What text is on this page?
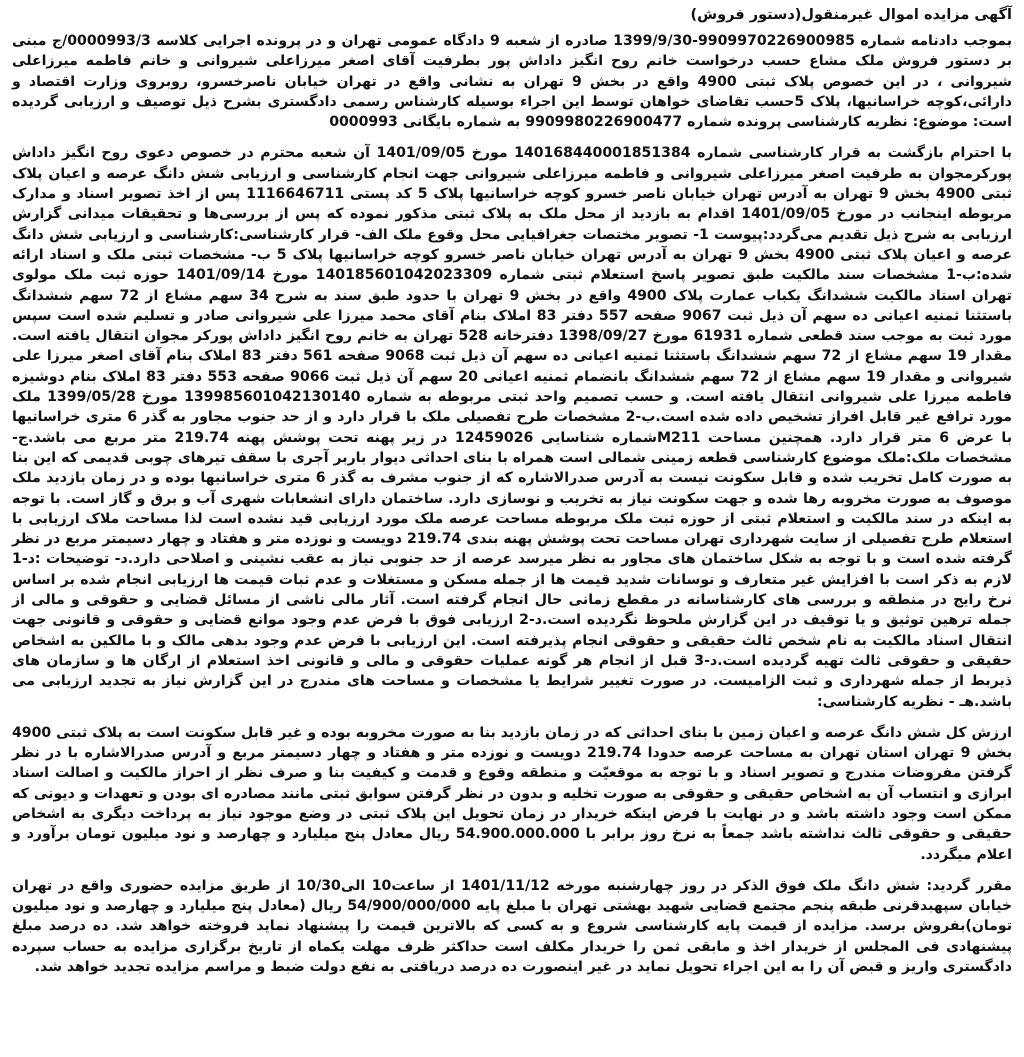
آگهی مزایده اموال غیرمنقول(دستور فروش)

بموجب دادنامه شماره 9909970226900985-1399/9/30 صادره از شعبه 9 دادگاه عمومی تهران و در پرونده اجرایی کلاسه 0000993/3/ج مبنی بر دستور فروش ملک مشاع حسب درخواست خانم روح انگیز داداش پور بطرفیت آقای اصغر میرزاعلی شیروانی و خانم فاطمه میرزاعلی شیروانی ، در این خصوص پلاک ثبتی 4900 واقع در بخش 9 تهران به نشانی واقع در تهران خیابان ناصرخسرو، روبروی وزارت اقتصاد و دارائی،کوچه خراسانیها، پلاک 5حسب تقاضای خواهان توسط این اجراء بوسیله کارشناس رسمی دادگستری بشرح ذیل توصیف و ارزیابی گردیده است: موضوع: نظریه کارشناسی پرونده شماره 9909980226900477 به شماره بایگانی 0000993

با احترام بازگشت به قرار کارشناسی شماره 140168440001851384 مورخ 1401/09/05 آن شعبه محترم در خصوص دعوی روح انگیز داداش پورکرمجوان به طرفیت اصغر میرزاعلی شیروانی و فاطمه میرزاعلی شیروانی جهت انجام کارشناسی و ارزیابی شش دانگ عرصه و اعیان پلاک ثبتی 4900 بخش 9 تهران به آدرس تهران خیابان ناصر خسرو کوچه خراسانیها پلاک 5 کد پستی 1116646711 پس از اخذ تصویر اسناد و مدارک مربوطه اینجانب در مورخ 1401/09/05 اقدام به بازدید از محل ملک به پلاک ثبتی مذکور نموده که پس از بررسی‌ها و تحقیقات میدانی گزارش ارزیابی به شرح ذیل تقدیم می‌گردد:پیوست 1- تصویر مختصات جغرافیایی محل وقوع ملک الف- قرار کارشناسی:کارشناسی و ارزیابی شش دانگ عرصه و اعیان پلاک ثبتی 4900 بخش 9 تهران به آدرس تهران خیابان ناصر خسرو کوچه خراسانیها پلاک 5 ب- مشخصات ثبتی ملک و اسناد ارائه شده:ب-1 مشخصات سند مالکیت طبق تصویر پاسخ استعلام ثبتی شماره 140185601042023309 مورخ 1401/09/14 حوزه ثبت ملک مولوی تهران اسناد مالکیت ششدانگ یکباب عمارت پلاک 4900 واقع در بخش 9 تهران با حدود طبق سند به شرح 34 سهم مشاع از 72 سهم ششدانگ باستثنا ثمنیه اعیانی ده سهم آن ذیل ثبت 9067 صفحه 557 دفتر 83 املاک بنام آقای محمد میرزا علی شیروانی صادر و تسلیم شده است سپس مورد ثبت به موجب سند قطعی شماره 61931 مورخ 1398/09/27 دفترخانه 528 تهران به خانم روح انگیز داداش پورکر مجوان انتقال یافته است. مقدار 19 سهم مشاع از 72 سهم ششدانگ باستثنا ثمنیه اعیانی ده سهم آن ذیل ثبت 9068 صفحه 561 دفتر 83 املاک بنام آقای اصغر میرزا علی شیروانی و مقدار 19 سهم مشاع از 72 سهم ششدانگ بانضمام ثمنیه اعیانی 20 سهم آن ذیل ثبت 9066 صفحه 553 دفتر 83 املاک بنام دوشیزه فاطمه میرزا علی شیروانی انتقال یافته است. و حسب تصمیم واحد ثبتی مربوطه به شماره 139985601042130140 مورخ 1399/05/28 ملک مورد ترافع غیر قابل افراز تشخیص داده شده است.ب-2 مشخصات طرح تفصیلی ملک با قرار دارد و از حد جنوب مجاور به گذر 6 متری خراسانیها با عرض 6 متر قرار دارد. همچنین مساحت M211شماره شناسایی 12459026 در زیر پهنه تحت پوشش پهنه 219.74 متر مربع می باشد.ج- مشخصات ملک:ملک موضوع کارشناسی قطعه زمینی شمالی است همراه با بنای احداثی دیوار باربر آجری با سقف تیرهای چوبی قدیمی که این بنا به صورت کامل تخریب شده و قابل سکونت نیست به آدرس صدرالاشاره که از جنوب مشرف به گذر 6 متری خراسانیها بوده و در زمان بازدید ملک موصوف به صورت مخروبه رها شده و جهت سکونت نیاز به تخریب و نوسازی دارد. ساختمان دارای انشعابات شهری آب و برق و گاز است. با توجه به اینکه در سند مالکیت و استعلام ثبتی از حوزه ثبت ملک مربوطه مساحت عرصه ملک مورد ارزیابی قید نشده است لذا مساحت ملاک ارزیابی با استعلام طرح تفصیلی از سایت شهرداری تهران مساحت تحت پوشش پهنه بندی 219.74 دویست و نوزده متر و هفتاد و چهار دسیمتر مربع در نظر گرفته شده است و با توجه به شکل ساختمان های مجاور به نظر میرسد عرصه از حد جنوبی نیاز به عقب نشینی و اصلاحی دارد.د- توضیحات :د-1 لازم به ذکر است با افزایش غیر متعارف و نوسانات شدید قیمت ها از جمله مسکن و مستغلات و عدم ثبات قیمت ها ارزیابی انجام شده بر اساس نرخ رایج در منطقه و بررسی های کارشناسانه در مقطع زمانی حال انجام گرفته است. آثار مالی ناشی از مسائل قضایی و حقوقی و مالی از جمله ترهین توثیق و یا توقیف در این گزارش ملحوظ نگردیده است.د-2 ارزیابی فوق با فرض عدم وجود موانع قضایی و حقوقی و قانونی جهت انتقال اسناد مالکیت به نام شخص ثالث حقیقی و حقوقی انجام پذیرفته است. این ارزیابی با فرض عدم وجود بدهی مالک و با مالکین به اشخاص حقیقی و حقوقی ثالث تهیه گردیده است.د-3 قبل از انجام هر گونه عملیات حقوقی و مالی و قانونی اخذ استعلام از ارگان ها و سازمان های ذیربط از جمله شهرداری و ثبت الزامیست. در صورت تغییر شرایط یا مشخصات و مساحت های مندرج در این گزارش نیاز به تجدید ارزیابی می باشد.هـ - نظریه کارشناسی:

ارزش کل شش دانگ عرصه و اعیان زمین با بنای احداثی که در زمان بازدید بنا به صورت مخروبه بوده و غیر قابل سکونت است به پلاک ثبتی 4900 بخش 9 تهران استان تهران به مساحت عرصه حدودا 219.74 دویست و نوزده متر و هفتاد و چهار دسیمتر مربع و آدرس صدرالاشاره با در نظر گرفتن مفروضات مندرج و تصویر اسناد و با توجه به موقعیّت و منطقه وقوع و قدمت و کیفیت بنا و صرف نظر از احراز مالکیت و اصالت اسناد ابرازی و انتساب آن به اشخاص حقیقی و حقوقی به صورت تخلیه و بدون در نظر گرفتن سوابق ثبتی مانند مصادره ای بودن و تعهدات و دیونی که ممکن است وجود داشته باشد و در نهایت با فرض اینکه خریدار در زمان تحویل این پلاک ثبتی در وضع موجود نیاز به پرداخت دیگری به اشخاص حقیقی و حقوقی ثالث نداشته باشد جمعاً به نرخ روز برابر با 54.900.000.000 ریال معادل پنج میلیارد و چهارصد و نود میلیون تومان برآورد و اعلام میگردد.

مقرر گردید: شش دانگ ملک فوق الذکر در روز چهارشنبه مورخه 1401/11/12 از ساعت10 الی10/30 از طریق مزایده حضوری واقع در تهران خیابان سپهبدقرنی طبقه پنجم مجتمع قضایی شهید بهشتی تهران با مبلغ پایه 54/900/000/000 ریال (معادل پنج میلیارد و چهارصد و نود میلیون تومان)بفروش برسد. مزایده از قیمت پایه کارشناسی شروع و به کسی که بالاترین قیمت را پیشنهاد نماید فروخته خواهد شد. ده درصد مبلغ پیشنهادی فی المجلس از خریدار اخذ و مابقی ثمن را خریدار مکلف است حداکثر ظرف مهلت یکماه از تاریخ برگزاری مزایده به حساب سپرده دادگستری واریز و قبض آن را به این اجراء تحویل نماید در غیر اینصورت ده درصد دریافتی به نفع دولت ضبط و مراسم مزایده تجدید خواهد شد.
